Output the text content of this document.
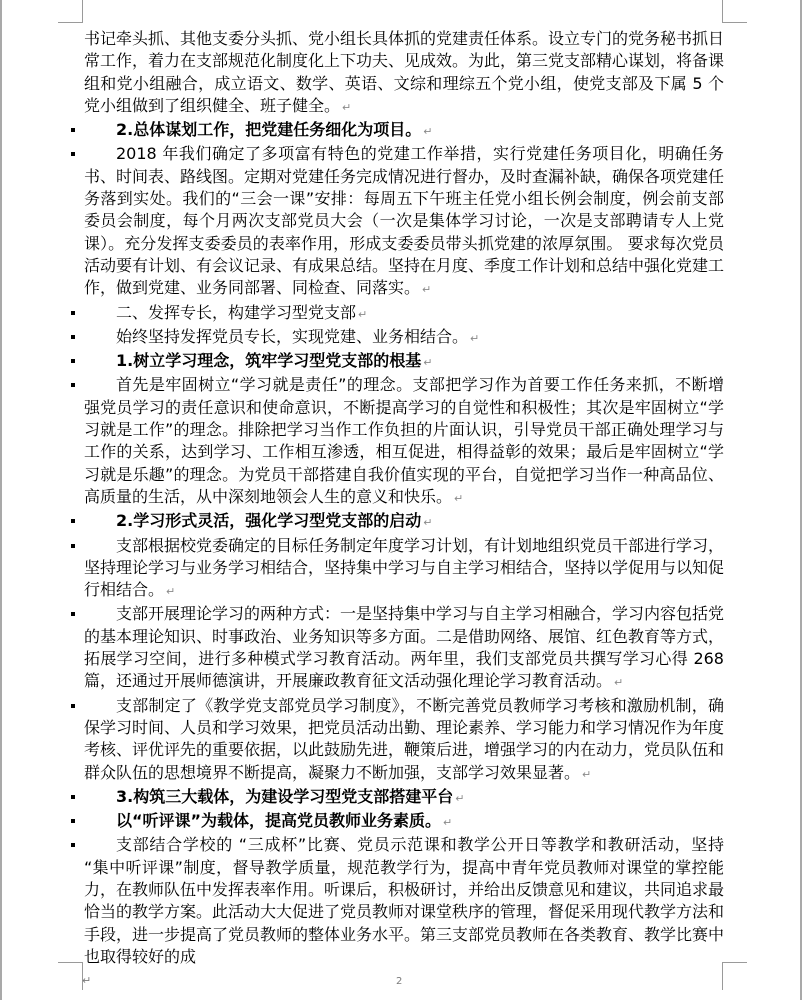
书记牵头抓、其他支委分头抓、党小组长具体抓的党建责任体系。设立专门的党务秘书抓日常工作，着力在支部规范化制度化上下功夫、见成效。为此，第三党支部精心谋划，将备课组和党小组融合，成立语文、数学、英语、文综和理综五个党小组，使党支部及下属 5 个党小组做到了组织健全、班子健全。 ↵

2.总体谋划工作，把党建任务细化为项目。 ↵

2018 年我们确定了多项富有特色的党建工作举措，实行党建任务项目化，明确任务书、时间表、路线图。定期对党建任务完成情况进行督办，及时查漏补缺，确保各项党建任务落到实处。我们的“三会一课”安排：每周五下午班主任党小组长例会制度，例会前支部委员会制度，每个月两次支部党员大会（一次是集体学习讨论，一次是支部聘请专人上党课）。充分发挥支委委员的表率作用，形成支委委员带头抓党建的浓厚氛围。 要求每次党员活动要有计划、有会议记录、有成果总结。坚持在月度、季度工作计划和总结中强化党建工作，做到党建、业务同部署、同检查、同落实。 ↵

二、发挥专长，构建学习型党支部 ↵

始终坚持发挥党员专长，实现党建、业务相结合。 ↵

1.树立学习理念，筑牢学习型党支部的根基 ↵

首先是牢固树立“学习就是责任”的理念。支部把学习作为首要工作任务来抓，不断增强党员学习的责任意识和使命意识，不断提高学习的自觉性和积极性；其次是牢固树立“学习就是工作”的理念。排除把学习当作工作负担的片面认识，引导党员干部正确处理学习与工作的关系，达到学习、工作相互渗透，相互促进，相得益彰的效果；最后是牢固树立“学习就是乐趣”的理念。为党员干部搭建自我价值实现的平台，自觉把学习当作一种高品位、高质量的生活，从中深刻地领会人生的意义和快乐。 ↵

2.学习形式灵活，强化学习型党支部的启动 ↵

支部根据校党委确定的目标任务制定年度学习计划，有计划地组织党员干部进行学习，坚持理论学习与业务学习相结合，坚持集中学习与自主学习相结合，坚持以学促用与以知促行相结合。 ↵

支部开展理论学习的两种方式：一是坚持集中学习与自主学习相融合，学习内容包括党的基本理论知识、时事政治、业务知识等多方面。二是借助网络、展馆、红色教育等方式，拓展学习空间，进行多种模式学习教育活动。两年里，我们支部党员共撰写学习心得 268 篇，还通过开展师德演讲，开展廉政教育征文活动强化理论学习教育活动。 ↵

支部制定了《教学党支部党员学习制度》，不断完善党员教师学习考核和激励机制，确保学习时间、人员和学习效果，把党员活动出勤、理论素养、学习能力和学习情况作为年度考核、评优评先的重要依据，以此鼓励先进，鞭策后进，增强学习的内在动力，党员队伍和群众队伍的思想境界不断提高，凝聚力不断加强，支部学习效果显著。 ↵

3.构筑三大载体，为建设学习型党支部搭建平台 ↵

以“听评课”为载体，提高党员教师业务素质。 ↵

支部结合学校的 “三成杯”比赛、党员示范课和教学公开日等教学和教研活动，坚持 “集中听评课”制度，督导教学质量，规范教学行为，提高中青年党员教师对课堂的掌控能力，在教师队伍中发挥表率作用。听课后，积极研讨，并给出反馈意见和建议，共同追求最恰当的教学方案。此活动大大促进了党员教师对课堂秩序的管理，督促采用现代教学方法和手段，进一步提高了党员教师的整体业务水平。第三支部党员教师在各类教育、教学比赛中也取得较好的成

↵	2
